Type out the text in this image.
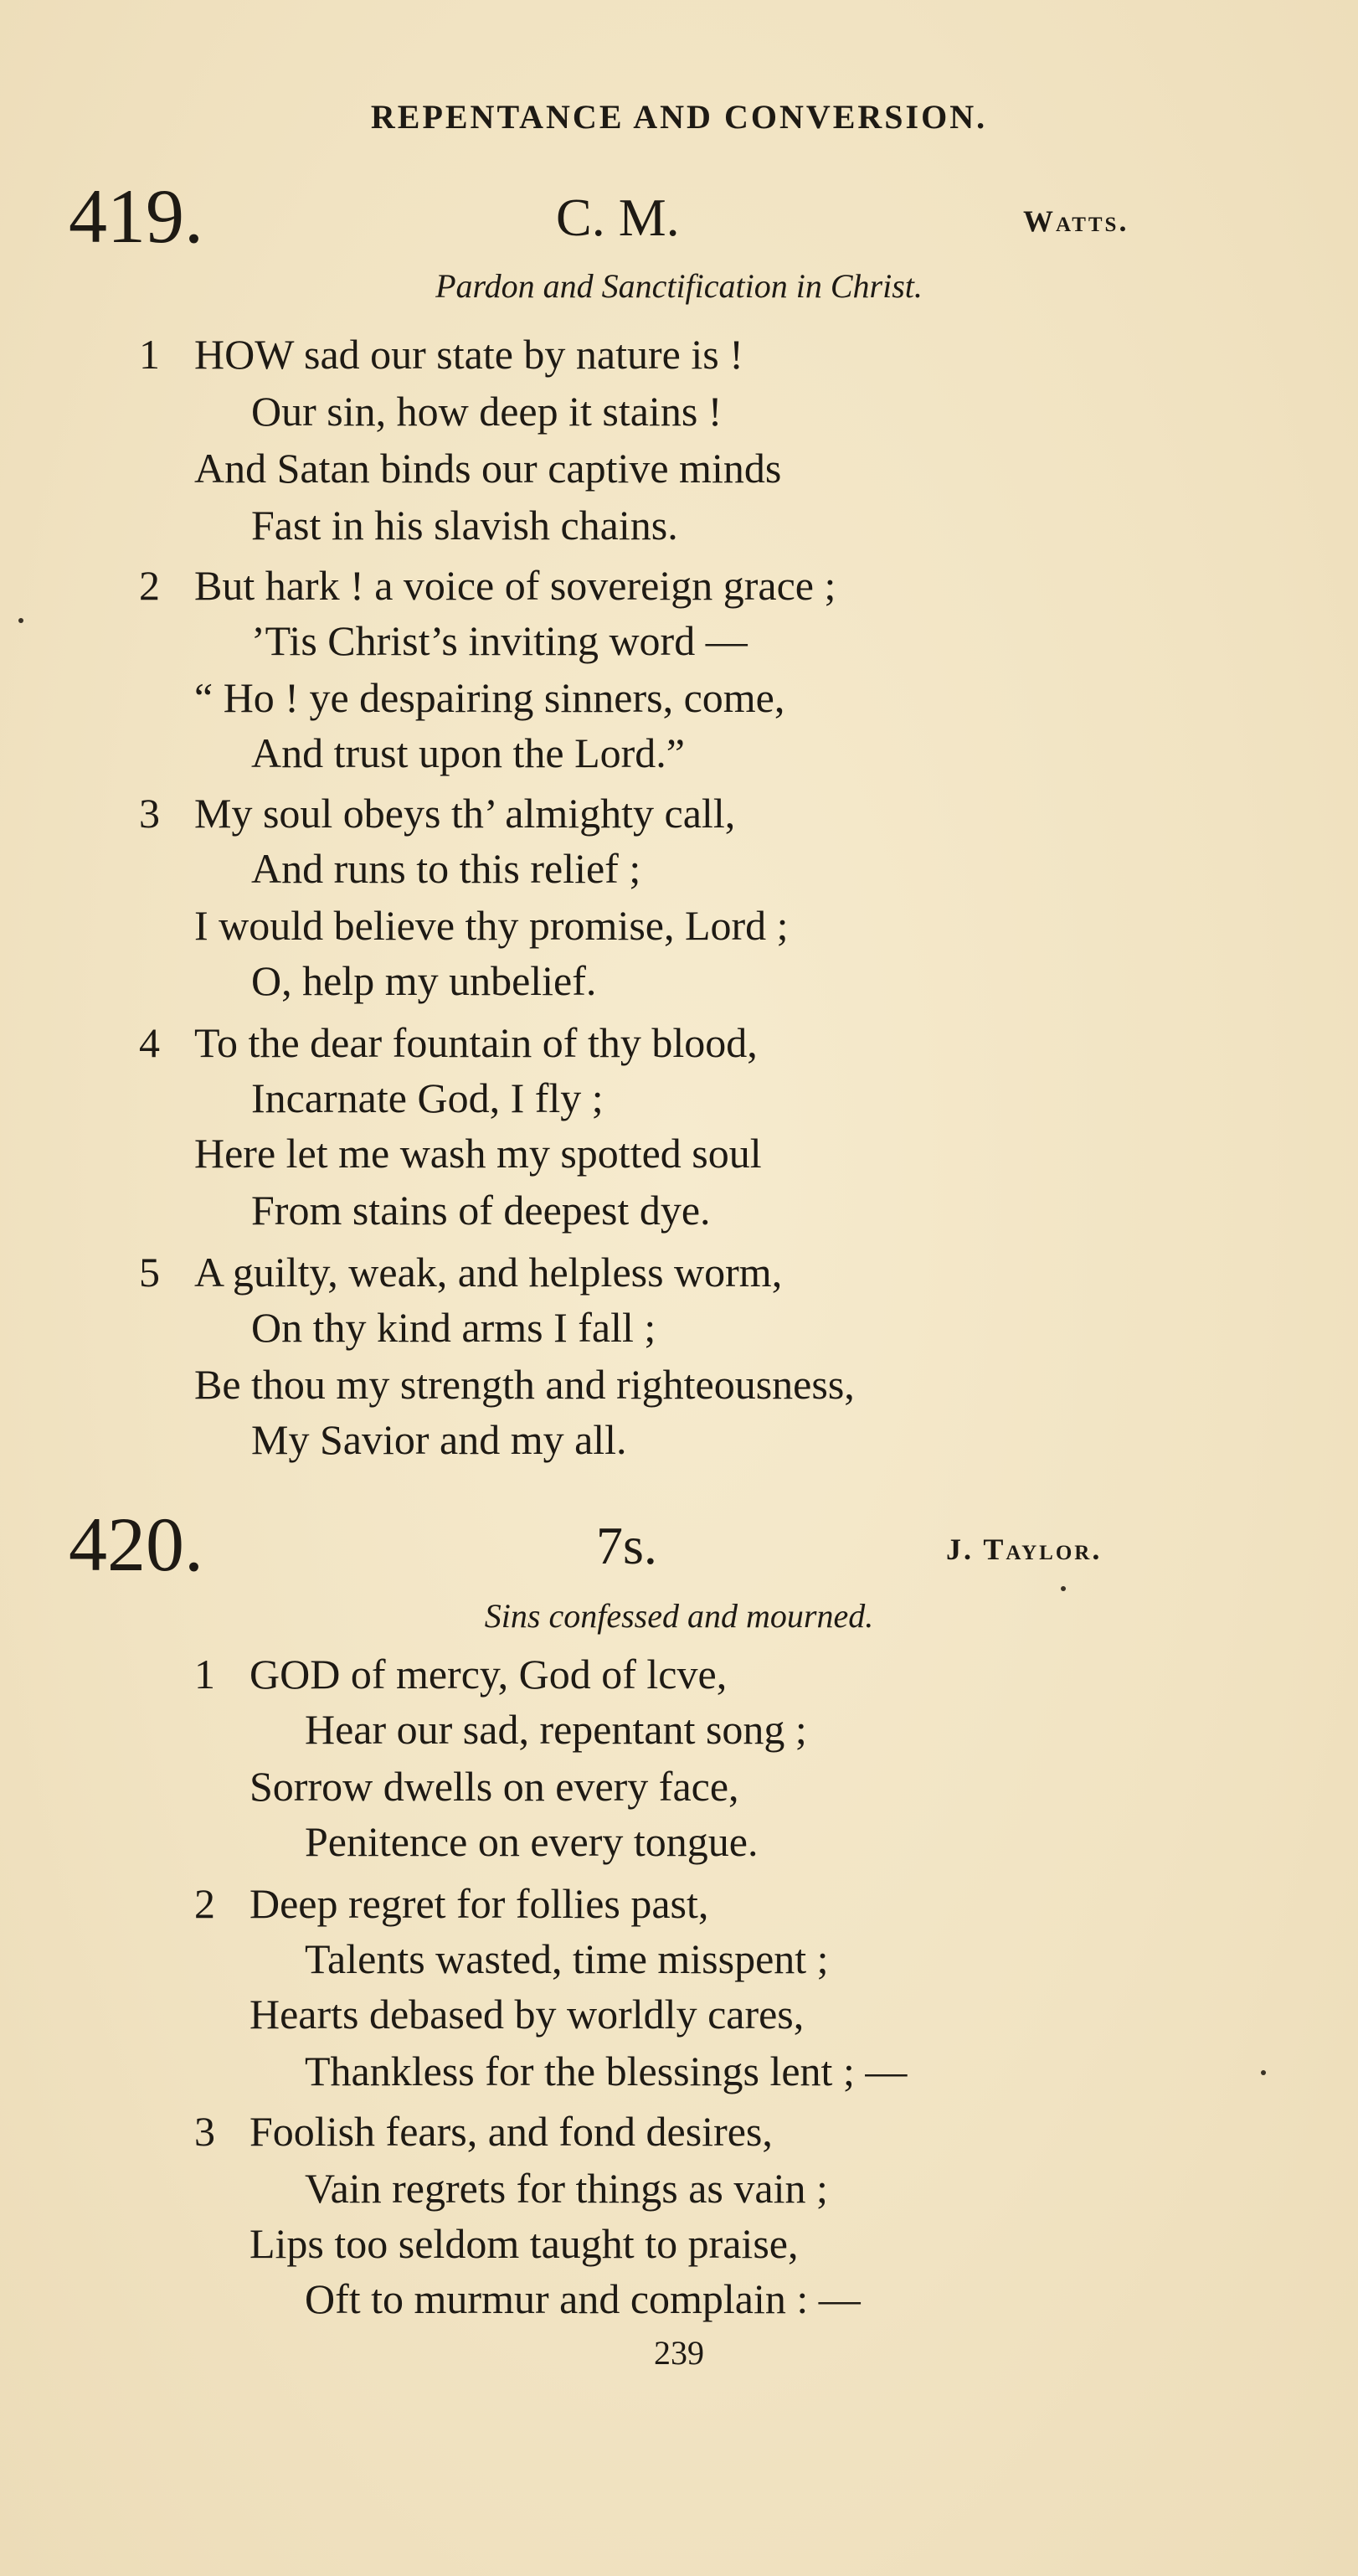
REPENTANCE AND CONVERSION.
419.	C. M.	Watts.
Pardon and Sanctification in Christ.
1 HOW sad our state by nature is !
Our sin, how deep it stains !
And Satan binds our captive minds
Fast in his slavish chains.
2 But hark ! a voice of sovereign grace ;
’Tis Christ’s inviting word —
“ Ho ! ye despairing sinners, come,
And trust upon the Lord.”
3 My soul obeys th’ almighty call,
And runs to this relief ;
I would believe thy promise, Lord ;
O, help my unbelief.
4 To the dear fountain of thy blood,
Incarnate God, I fly ;
Here let me wash my spotted soul
From stains of deepest dye.
5 A guilty, weak, and helpless worm,
On thy kind arms I fall ;
Be thou my strength and righteousness,
My Savior and my all.
420.	7s.	J. Taylor.
Sins confessed and mourned.
1 GOD of mercy, God of lcve,
Hear our sad, repentant song ;
Sorrow dwells on every face,
Penitence on every tongue.
2 Deep regret for follies past,
Talents wasted, time misspent ;
Hearts debased by worldly cares,
Thankless for the blessings lent ; —
3 Foolish fears, and fond desires,
Vain regrets for things as vain ;
Lips too seldom taught to praise,
Oft to murmur and complain : —
239
